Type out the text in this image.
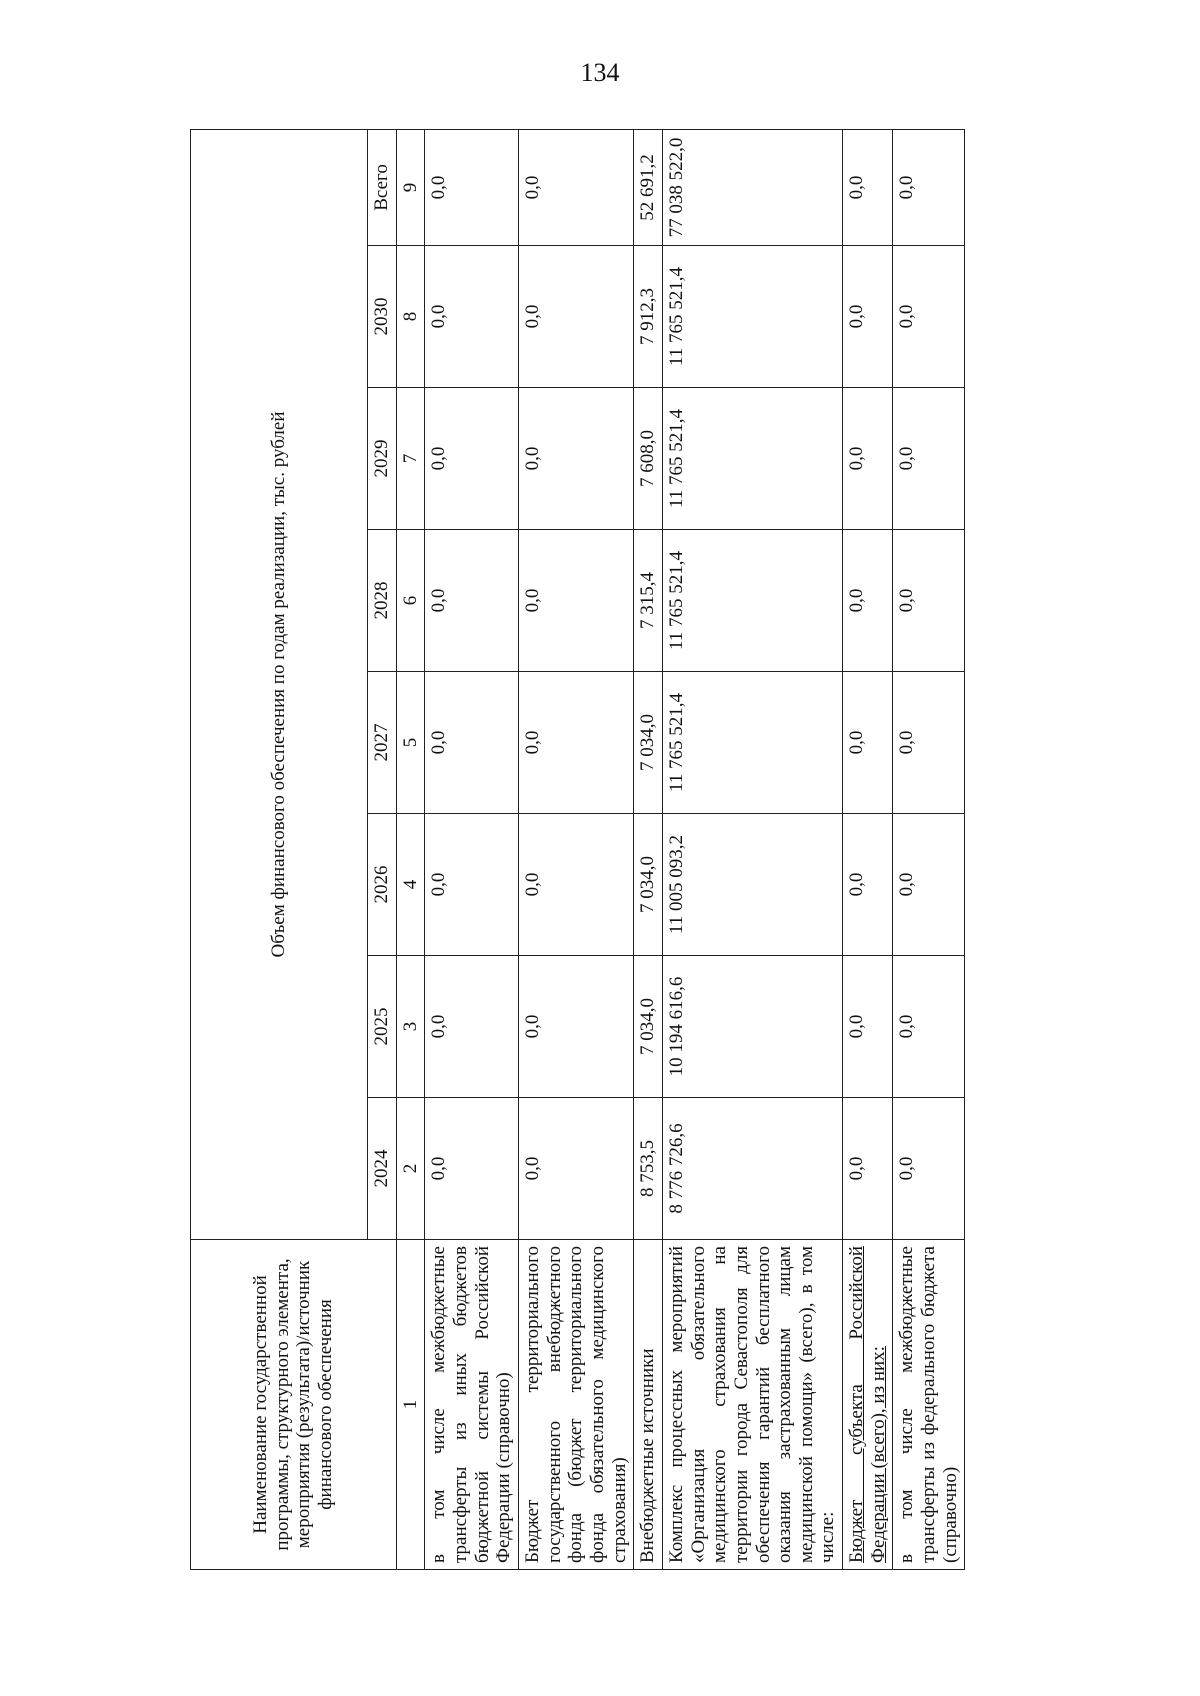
134
Наименование государственной программы, структурного элемента, мероприятия (результата)/источник финансового обеспечения	Объем финансового обеспечения по годам реализации, тыс. рублей							
	2024	2025	2026	2027	2028	2029	2030	Всего
1	2	3	4	5	6	7	8	9
в том числе межбюджетные трансферты из иных бюджетов бюджетной системы Российской Федерации (справочно)	0,0	0,0	0,0	0,0	0,0	0,0	0,0	0,0
Бюджет территориального государственного внебюджетного фонда (бюджет территориального фонда обязательного медицинского страхования)	0,0	0,0	0,0	0,0	0,0	0,0	0,0	0,0
Внебюджетные источники	8 753,5	7 034,0	7 034,0	7 034,0	7 315,4	7 608,0	7 912,3	52 691,2
Комплекс процессных мероприятий «Организация обязательного медицинского страхования на территории города Севастополя для обеспечения гарантий бесплатного оказания застрахованным лицам медицинской помощи» (всего), в том числе:	8 776 726,6	10 194 616,6	11 005 093,2	11 765 521,4	11 765 521,4	11 765 521,4	11 765 521,4	77 038 522,0
Бюджет субъекта Российской Федерации (всего), из них:	0,0	0,0	0,0	0,0	0,0	0,0	0,0	0,0
в том числе межбюджетные трансферты из федерального бюджета (справочно)	0,0	0,0	0,0	0,0	0,0	0,0	0,0	0,0
